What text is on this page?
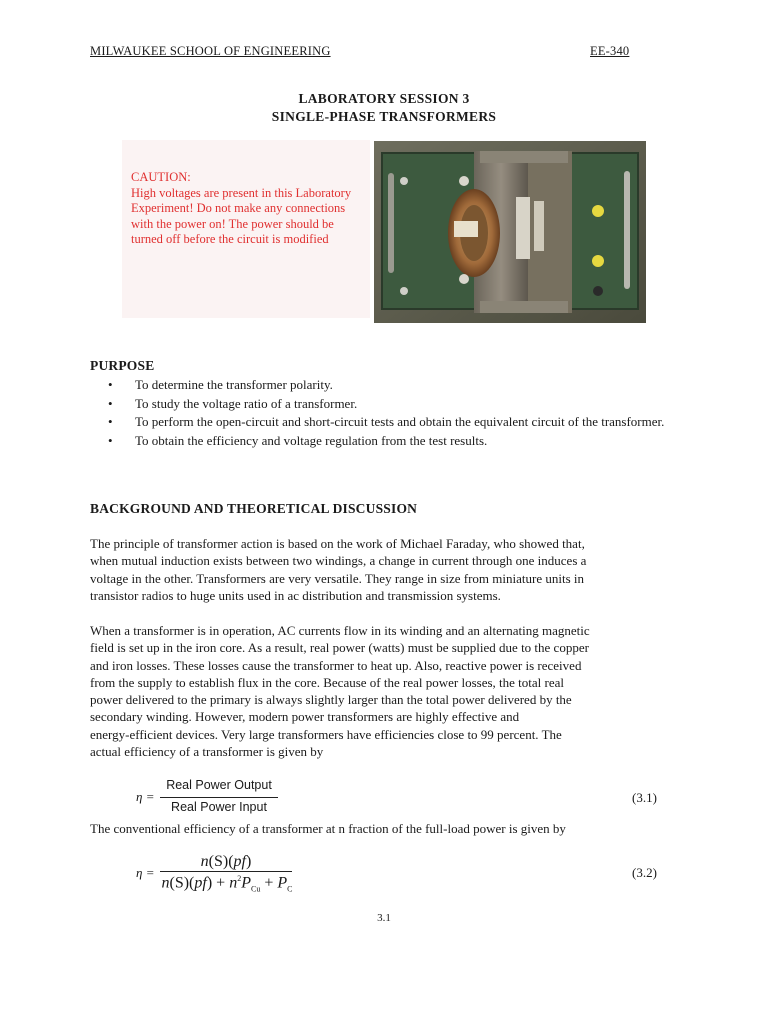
MILWAUKEE SCHOOL OF ENGINEERING	EE-340
LABORATORY SESSION 3
SINGLE-PHASE TRANSFORMERS
CAUTION:
High voltages are present in this Laboratory
Experiment! Do not make any connections
with the power on! The power should be
turned off before the circuit is modified
PURPOSE
• To determine the transformer polarity.
• To study the voltage ratio of a transformer.
• To perform the open-circuit and short-circuit tests and obtain the equivalent circuit of the transformer.
• To obtain the efficiency and voltage regulation from the test results.
BACKGROUND AND THEORETICAL DISCUSSION
The principle of transformer action is based on the work of Michael Faraday, who showed that,
when mutual induction exists between two windings, a change in current through one induces a
voltage in the other. Transformers are very versatile. They range in size from miniature units in
transistor radios to huge units used in ac distribution and transmission systems.
When a transformer is in operation, AC currents flow in its winding and an alternating magnetic
field is set up in the iron core. As a result, real power (watts) must be supplied due to the copper
and iron losses. These losses cause the transformer to heat up. Also, reactive power is received
from the supply to establish flux in the core. Because of the real power losses, the total real
power delivered to the primary is always slightly larger than the total power delivered by the
secondary winding. However, modern power transformers are highly effective and
energy-efficient devices. Very large transformers have efficiencies close to 99 percent. The
actual efficiency of a transformer is given by
η =
Real Power Output
Real Power Input
(3.1)
The conventional efficiency of a transformer at n fraction of the full-load power is given by
η =
n(S)(pf)
$n(S)(pf) + n^2P_{Cu} + P_C$
(3.2)
3.1
